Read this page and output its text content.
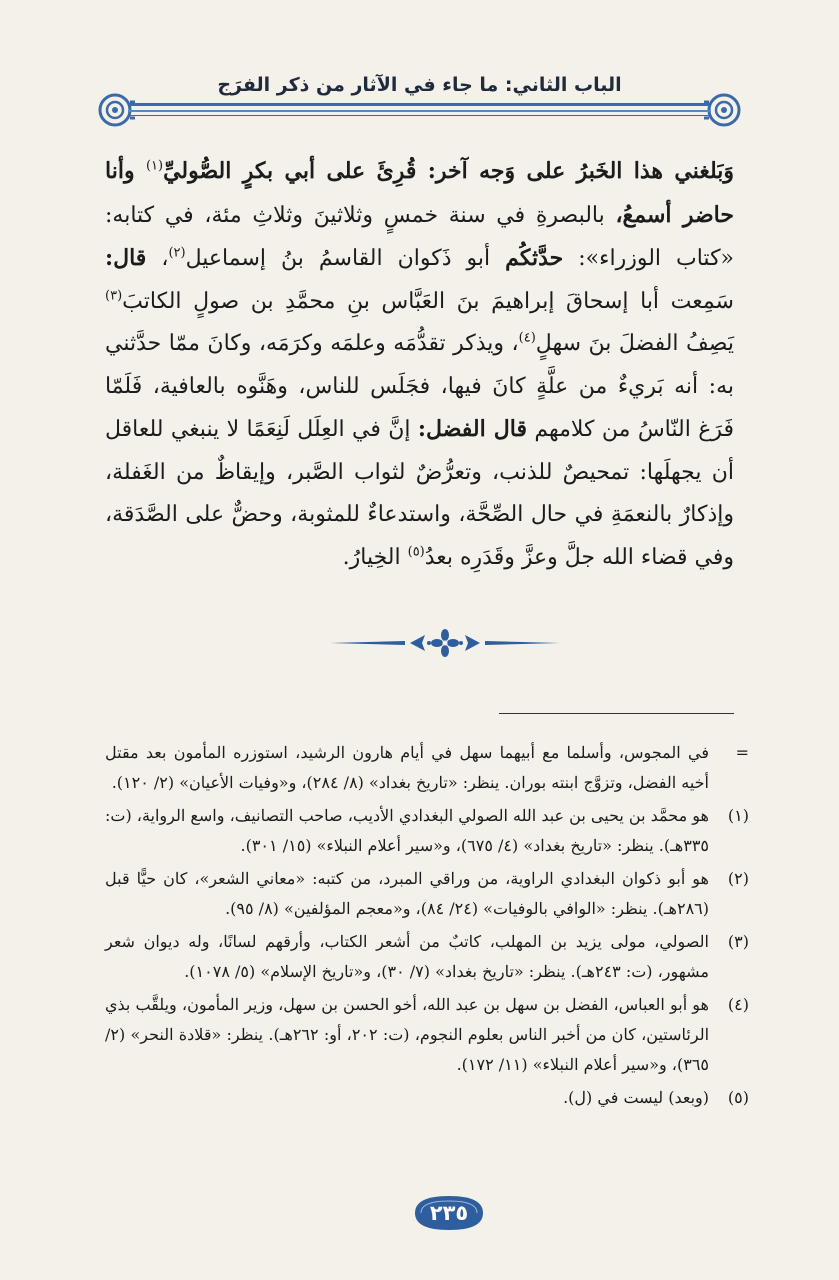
الباب الثاني: ما جاء في الآثار من ذكر الفرَج

وَبَلغني هذا الخَبرُ على وَجه آخر: قُرِئَ على أبي بكرٍ الصُّوليِّ$^{(١)}$ وأنا حاضر أسمعُ، بالبصرةِ في سنة خمسٍ وثلاثينَ وثلاثِ مئة، في كتابه: «كتاب الوزراء»: حدَّثكُم أبو ذَكوان القاسمُ بنُ إسماعيل$^{(٢)}$، قال: سَمِعت أبا إسحاقَ إبراهيمَ بنَ العَبَّاس بنِ محمَّدِ بن صولٍ الكاتبَ$^{(٣)}$ يَصِفُ الفضلَ بنَ سهلٍ$^{(٤)}$، ويذكر تقدُّمَه وعلمَه وكرَمَه، وكانَ ممّا حدَّثني به: أنه بَريءٌ من علَّةٍ كانَ فيها، فجَلَس للناس، وهَنَّوه بالعافية، فَلَمّا فَرَغ النّاسُ من كلامهم قال الفضل: إنَّ في العِلَل لَنِعَمًا لا ينبغي للعاقل أن يجهلَها: تمحيصٌ للذنب، وتعرُّضٌ لثواب الصَّبر، وإيقاظٌ من الغَفلة، وإذكارٌ بالنعمَةِ في حال الصِّحَّة، واستدعاءٌ للمثوبة، وحضٌّ على الصَّدَقة، وفي قضاء الله جلَّ وعزَّ وقَدَرِه بعدُ$^{(٥)}$ الخِيارُ.

=
في المجوس، وأسلما مع أبيهما سهل في أيام هارون الرشيد، استوزره المأمون بعد مقتل أخيه الفضل، وتزوَّج ابنته بوران. ينظر: «تاريخ بغداد» (٨/ ٢٨٤)، و«وفيات الأعيان» (٢/ ١٢٠).
(١)
هو محمَّد بن يحيى بن عبد الله الصولي البغدادي الأديب، صاحب التصانيف، واسع الرواية، (ت: ٣٣٥هـ). ينظر: «تاريخ بغداد» (٤/ ٦٧٥)، و«سير أعلام النبلاء» (١٥/ ٣٠١).
(٢)
هو أبو ذكوان البغدادي الراوية، من وراقي المبرد، من كتبه: «معاني الشعر»، كان حيًّا قبل (٢٨٦هـ). ينظر: «الوافي بالوفيات» (٢٤/ ٨٤)، و«معجم المؤلفين» (٨/ ٩٥).
(٣)
الصولي، مولى يزيد بن المهلب، كاتبٌ من أشعر الكتاب، وأرقهم لسانًا، وله ديوان شعر مشهور، (ت: ٢٤٣هـ). ينظر: «تاريخ بغداد» (٧/ ٣٠)، و«تاريخ الإسلام» (٥/ ١٠٧٨).
(٤)
هو أبو العباس، الفضل بن سهل بن عبد الله، أخو الحسن بن سهل، وزير المأمون، ويلقَّب بذي الرئاستين، كان من أخبر الناس بعلوم النجوم، (ت: ٢٠٢، أو: ٢٦٢هـ). ينظر: «قلادة النحر» (٢/ ٣٦٥)، و«سير أعلام النبلاء» (١١/ ١٧٢).
(٥)
(وبعد) ليست في (ل).
٢٣٥
